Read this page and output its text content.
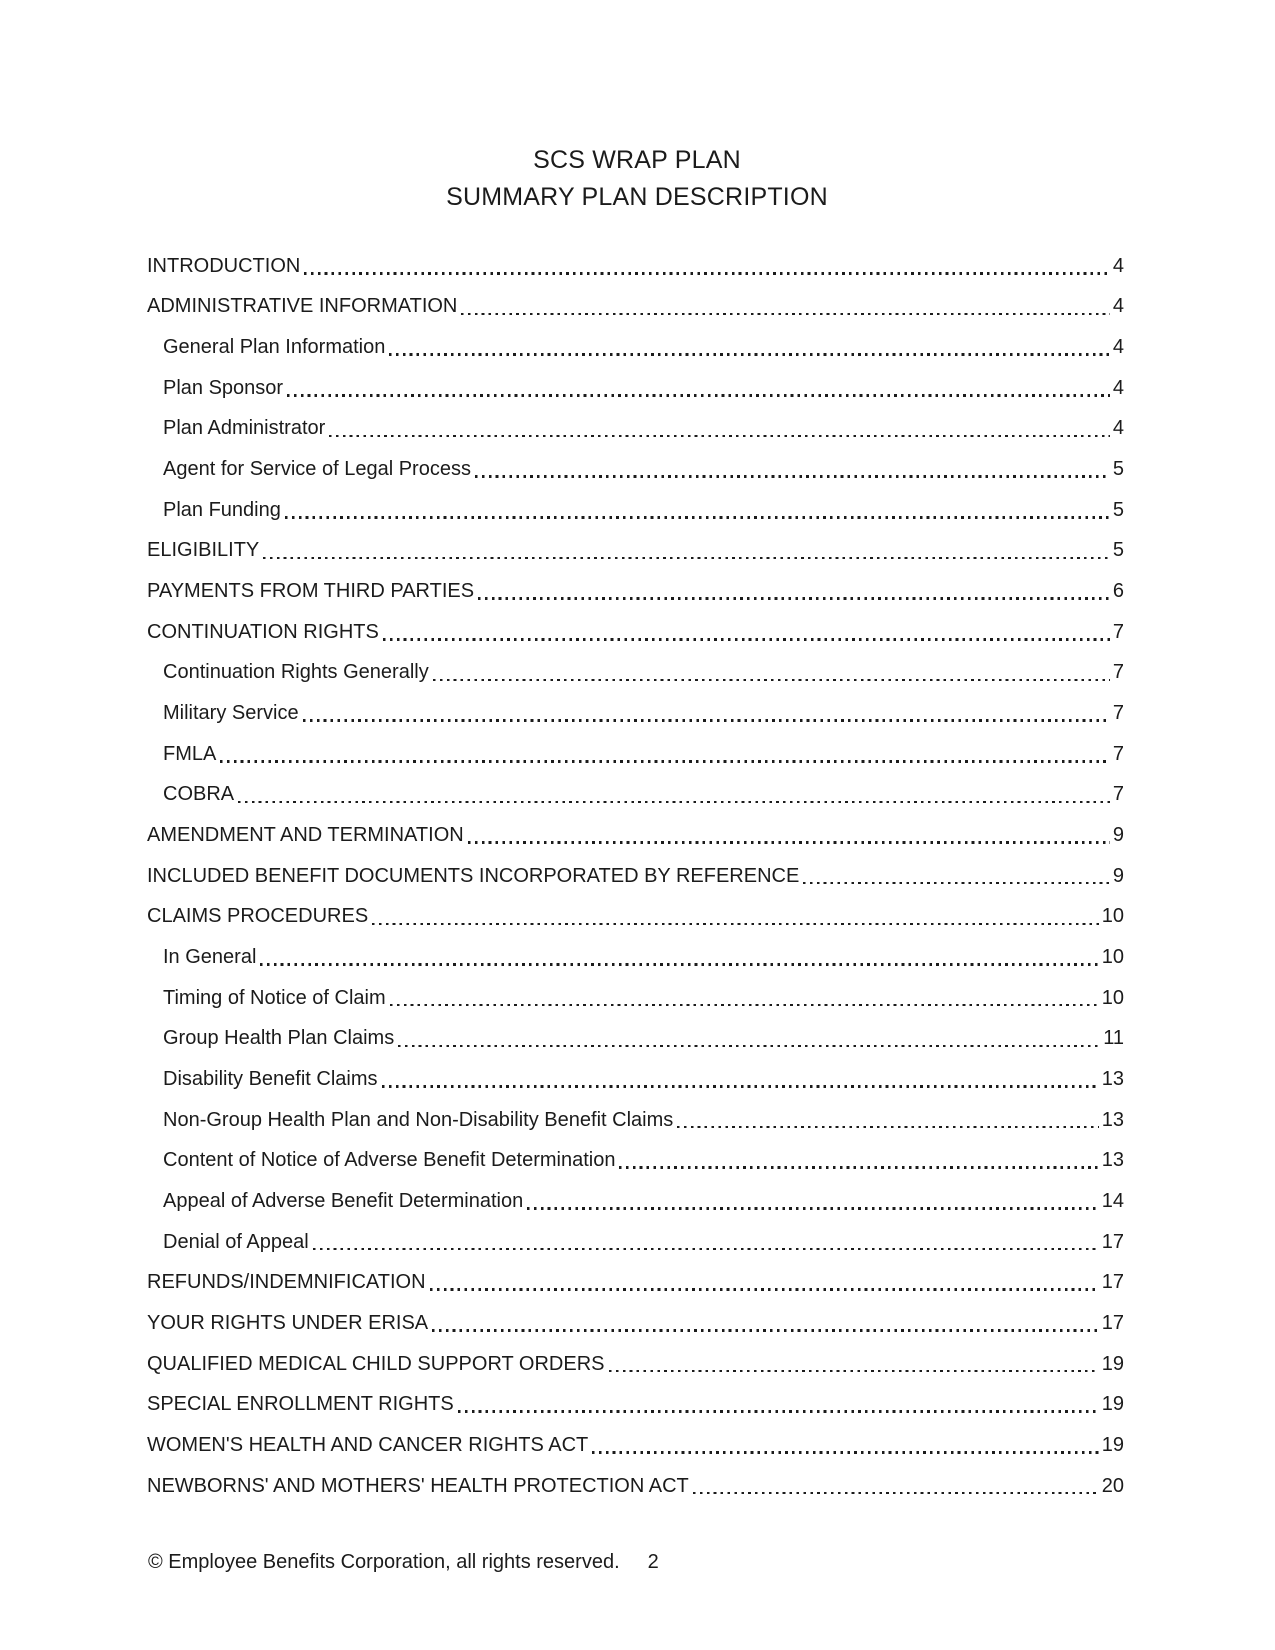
SCS WRAP PLAN
SUMMARY PLAN DESCRIPTION
INTRODUCTION	4
ADMINISTRATIVE INFORMATION	4
General Plan Information	4
Plan Sponsor	4
Plan Administrator	4
Agent for Service of Legal Process	5
Plan Funding	5
ELIGIBILITY	5
PAYMENTS FROM THIRD PARTIES	6
CONTINUATION RIGHTS	7
Continuation Rights Generally	7
Military Service	7
FMLA	7
COBRA	7
AMENDMENT AND TERMINATION	9
INCLUDED BENEFIT DOCUMENTS INCORPORATED BY REFERENCE	9
CLAIMS PROCEDURES	10
In General	10
Timing of Notice of Claim	10
Group Health Plan Claims	11
Disability Benefit Claims	13
Non-Group Health Plan and Non-Disability Benefit Claims	13
Content of Notice of Adverse Benefit Determination	13
Appeal of Adverse Benefit Determination	14
Denial of Appeal	17
REFUNDS/INDEMNIFICATION	17
YOUR RIGHTS UNDER ERISA	17
QUALIFIED MEDICAL CHILD SUPPORT ORDERS	19
SPECIAL ENROLLMENT RIGHTS	19
WOMEN'S HEALTH AND CANCER RIGHTS ACT	19
NEWBORNS' AND MOTHERS' HEALTH PROTECTION ACT	20
© Employee Benefits Corporation, all rights reserved. 2
